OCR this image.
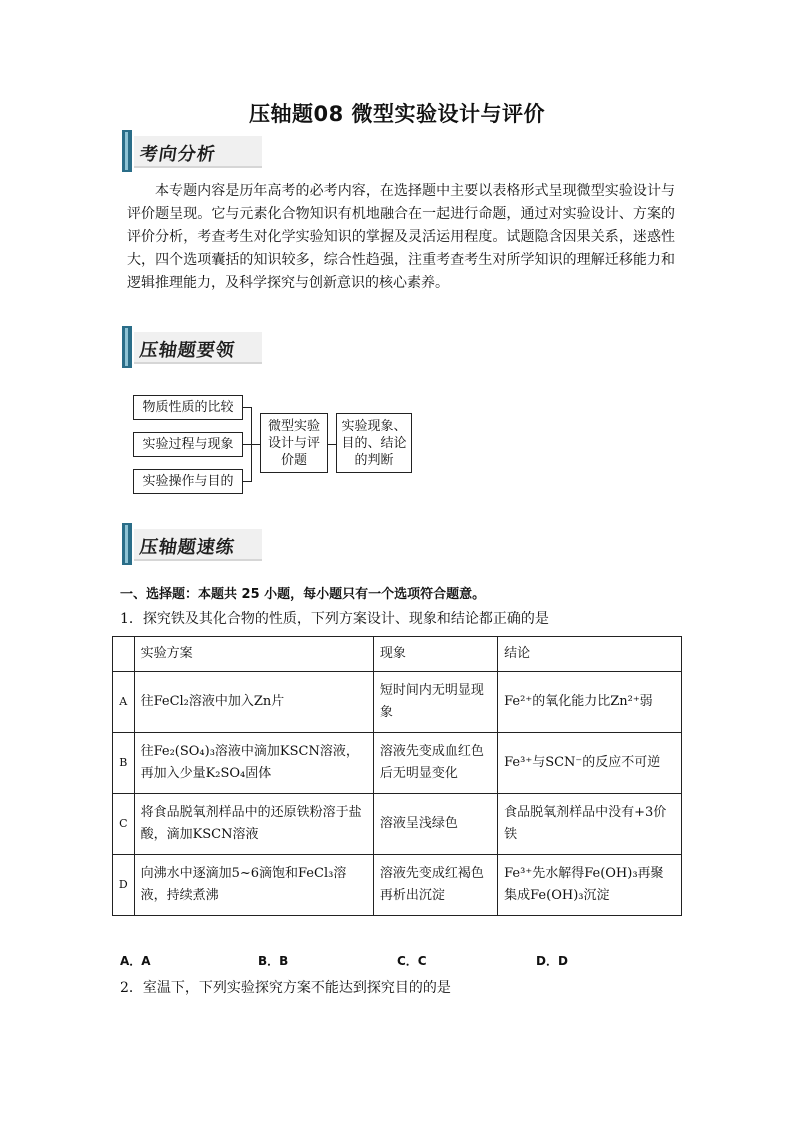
压轴题08 微型实验设计与评价
考向分析
本专题内容是历年高考的必考内容，在选择题中主要以表格形式呈现微型实验设计与评价题呈现。它与元素化合物知识有机地融合在一起进行命题，通过对实验设计、方案的评价分析，考查考生对化学实验知识的掌握及灵活运用程度。试题隐含因果关系，迷惑性大，四个选项囊括的知识较多，综合性趋强，注重考查考生对所学知识的理解迁移能力和逻辑推理能力，及科学探究与创新意识的核心素养。
压轴题要领
物质性质的比较
实验过程与现象
实验操作与目的
微型实验设计与评价题
实验现象、目的、结论的判断
压轴题速练
一、选择题：本题共 25 小题，每小题只有一个选项符合题意。
1．探究铁及其化合物的性质，下列方案设计、现象和结论都正确的是
	实验方案	现象	结论
A	往FeCl₂溶液中加入Zn片	短时间内无明显现象	Fe²⁺的氧化能力比Zn²⁺弱
B	往Fe₂(SO₄)₃溶液中滴加KSCN溶液，再加入少量K₂SO₄固体	溶液先变成血红色后无明显变化	Fe³⁺与SCN⁻的反应不可逆
C	将食品脱氧剂样品中的还原铁粉溶于盐酸，滴加KSCN溶液	溶液呈浅绿色	食品脱氧剂样品中没有+3价铁
D	向沸水中逐滴加5~6滴饱和FeCl₃溶液，持续煮沸	溶液先变成红褐色再析出沉淀	Fe³⁺先水解得Fe(OH)₃再聚集成Fe(OH)₃沉淀
A．A	B．B	C．C	D．D
2．室温下，下列实验探究方案不能达到探究目的的是
